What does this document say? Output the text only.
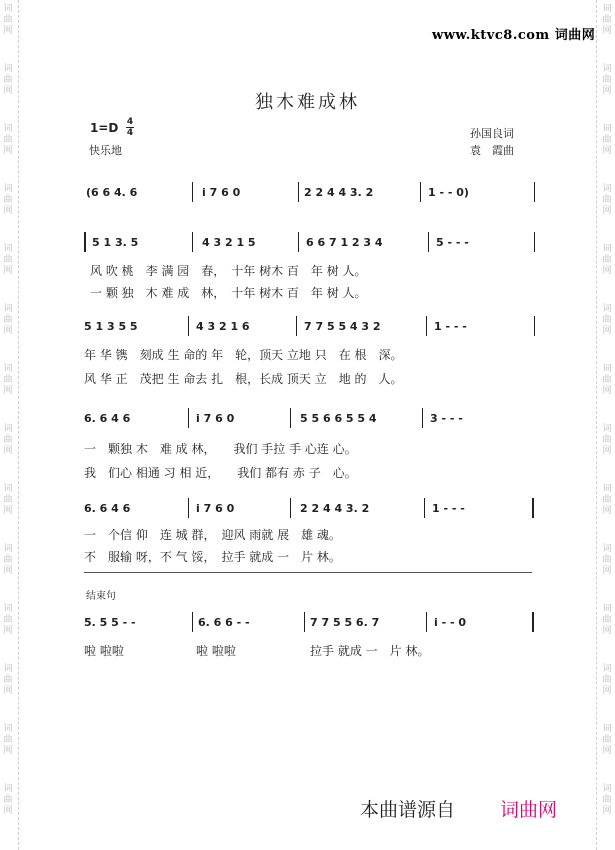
词
曲
网
词
曲
网
词
曲
网
词
曲
网
词
曲
网
词
曲
网
词
曲
网
词
曲
网
词
曲
网
词
曲
网
词
曲
网
词
曲
网
词
曲
网
词
曲
网
词
曲
网
词
曲
网
词
曲
网
词
曲
网
词
曲
网
词
曲
网
词
曲
网
词
曲
网
词
曲
网
词
曲
网
词
曲
网
词
曲
网
词
曲
网
词
曲
网
www.ktvc8.com 词曲网
独木难成林
1=D 4
4
快乐地
孙国良词
袁　霞曲
(6 6 4. 6	i 7 6 0	2 2 4 4 3. 2	1 - - 0)
5 1 3. 5	4 3 2 1 5	6 6 7 1 2 3 4	5 - - -
风 吹 桃　李 满 园　春，　十年 树木 百　年 树 人。
一 颗 独　木 难 成　林，　十年 树木 百　年 树 人。
5 1 3 5 5	4 3 2 1 6	7 7 5 5 4 3 2	1 - - -
年 华 镌　刻成 生 命的 年　轮，顶天 立地 只　在 根　深。
风 华 正　茂把 生 命去 扎　根，长成 顶天 立　地 的　人。
6. 6 4 6	i 7 6 0	5 5 6 6 5 5 4	3 - - -
一　颗独 木　难 成 林，　　我们 手拉 手 心连 心。
我　们心 相通 习 相 近，　　我们 都有 赤 子　心。
6. 6 4 6	i 7 6 0	2 2 4 4 3. 2	1 - - -
一　个信 仰　连 城 群，　迎风 雨就 展　雄 魂。
不　服输 呀，不 气 馁，　拉手 就成 一　片 林。
结束句
5. 5 5 - -	6. 6 6 - -	7 7 5 5 6. 7	i - - 0
啦 啦啦	啦 啦啦	拉手 就成 一　片 林。
本曲谱源自 词曲网
